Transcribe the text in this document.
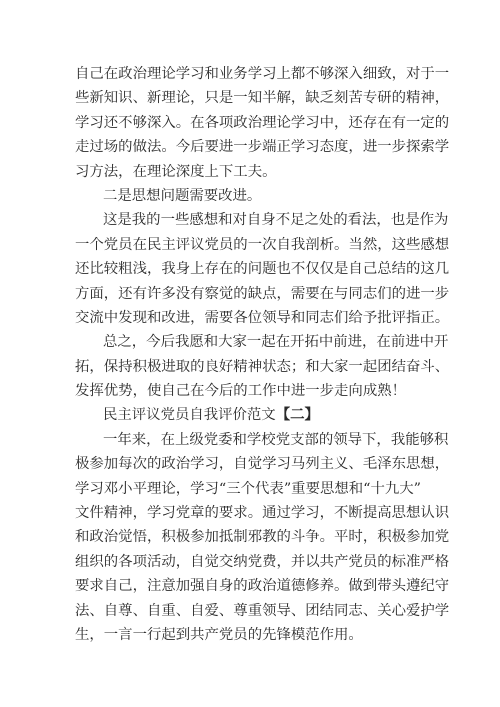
自己在政治理论学习和业务学习上都不够深入细致，对于一
些新知识、新理论，只是一知半解，缺乏刻苦专研的精神，
学习还不够深入。在各项政治理论学习中，还存在有一定的
走过场的做法。今后要进一步端正学习态度，进一步探索学
习方法，在理论深度上下工夫。
二是思想问题需要改进。
这是我的一些感想和对自身不足之处的看法，也是作为
一个党员在民主评议党员的一次自我剖析。当然，这些感想
还比较粗浅，我身上存在的问题也不仅仅是自己总结的这几
方面，还有许多没有察觉的缺点，需要在与同志们的进一步
交流中发现和改进，需要各位领导和同志们给予批评指正。
总之，今后我愿和大家一起在开拓中前进，在前进中开
拓，保持积极进取的良好精神状态；和大家一起团结奋斗、
发挥优势，使自己在今后的工作中进一步走向成熟！
民主评议党员自我评价范文【二】
一年来，在上级党委和学校党支部的领导下，我能够积
极参加每次的政治学习，自觉学习马列主义、毛泽东思想，
学习邓小平理论，学习“三个代表”重要思想和“十九大”
文件精神，学习党章的要求。通过学习，不断提高思想认识
和政治觉悟，积极参加抵制邪教的斗争。平时，积极参加党
组织的各项活动，自觉交纳党费，并以共产党员的标准严格
要求自己，注意加强自身的政治道德修养。做到带头遵纪守
法、自尊、自重、自爱、尊重领导、团结同志、关心爱护学
生，一言一行起到共产党员的先锋模范作用。
